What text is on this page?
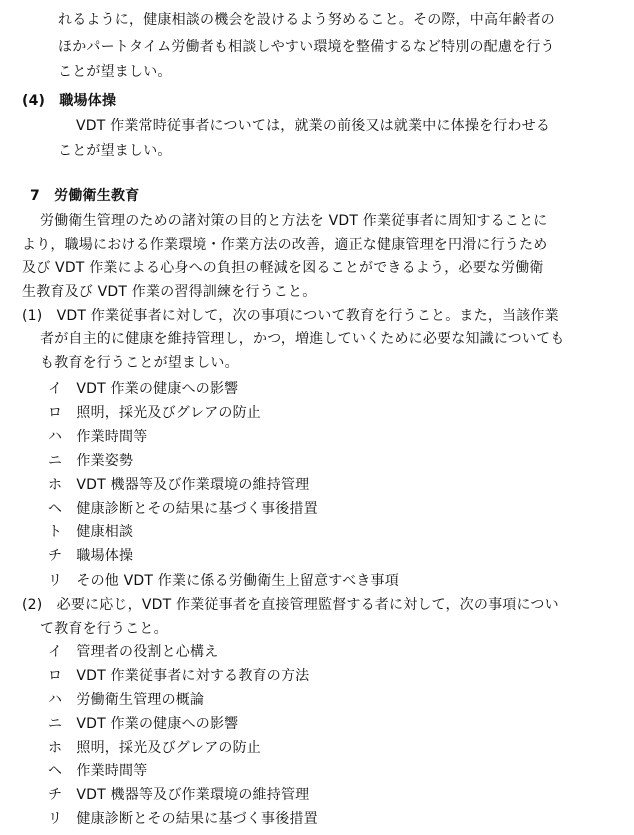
れるように，健康相談の機会を設けるよう努めること。その際，中高年齢者の
ほかパートタイム労働者も相談しやすい環境を整備するなど特別の配慮を行う
ことが望ましい。
(4)　職場体操
VDT 作業常時従事者については，就業の前後又は就業中に体操を行わせる
ことが望ましい。
7　労働衛生教育
労働衛生管理のための諸対策の目的と方法を VDT 作業従事者に周知することに
より，職場における作業環境・作業方法の改善，適正な健康管理を円滑に行うため
及び VDT 作業による心身への負担の軽減を図ることができるよう，必要な労働衛
生教育及び VDT 作業の習得訓練を行うこと。
(1)　VDT 作業従事者に対して，次の事項について教育を行うこと。また，当該作業
者が自主的に健康を維持管理し，かつ，増進していくために必要な知識についても
も教育を行うことが望ましい。
イ　VDT 作業の健康への影響
ロ　照明，採光及びグレアの防止
ハ　作業時間等
ニ　作業姿勢
ホ　VDT 機器等及び作業環境の維持管理
ヘ　健康診断とその結果に基づく事後措置
ト　健康相談
チ　職場体操
リ　その他 VDT 作業に係る労働衛生上留意すべき事項
(2)　必要に応じ，VDT 作業従事者を直接管理監督する者に対して，次の事項につい
て教育を行うこと。
イ　管理者の役割と心構え
ロ　VDT 作業従事者に対する教育の方法
ハ　労働衛生管理の概論
ニ　VDT 作業の健康への影響
ホ　照明，採光及びグレアの防止
ヘ　作業時間等
チ　VDT 機器等及び作業環境の維持管理
リ　健康診断とその結果に基づく事後措置
